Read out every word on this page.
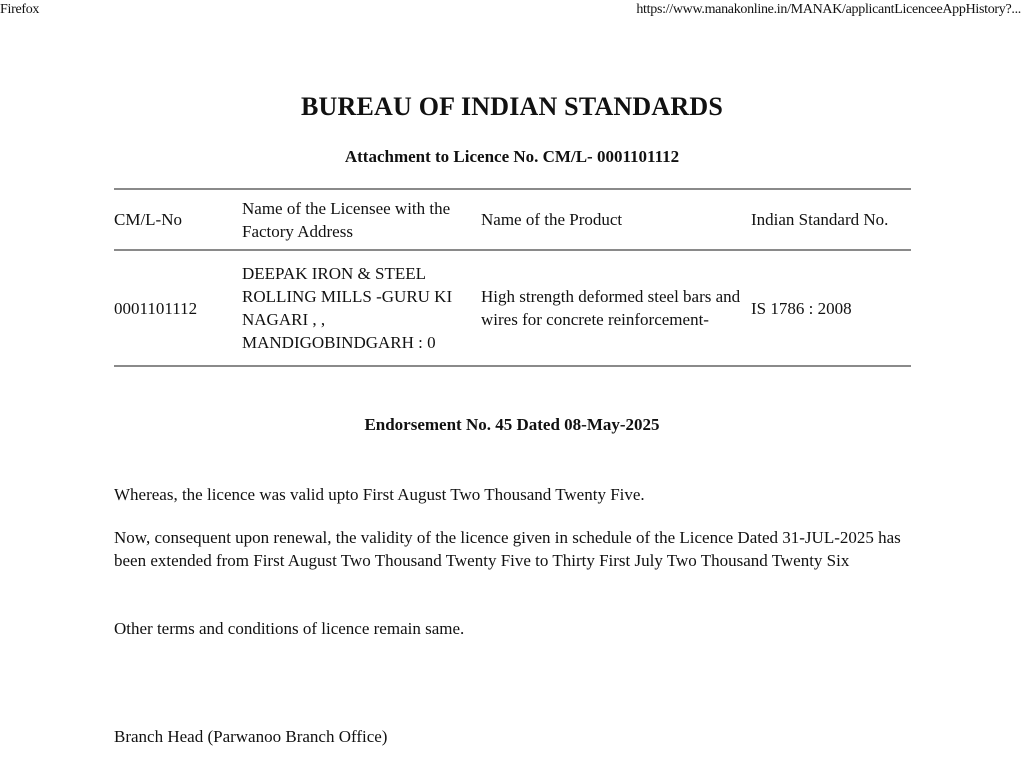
Firefox	https://www.manakonline.in/MANAK/applicantLicenceeAppHistory?...
BUREAU OF INDIAN STANDARDS
Attachment to Licence No. CM/L- 0001101112
CM/L-No	Name of the Licensee with the Factory Address	Name of the Product	Indian Standard No.
0001101112	DEEPAK IRON & STEEL ROLLING MILLS -GURU KI NAGARI , , MANDIGOBINDGARH : 0	High strength deformed steel bars and wires for concrete reinforcement-	IS 1786 : 2008
Endorsement No. 45 Dated 08-May-2025
Whereas, the licence was valid upto First August Two Thousand Twenty Five.
Now, consequent upon renewal, the validity of the licence given in schedule of the Licence Dated 31-JUL-2025 has been extended from First August Two Thousand Twenty Five to Thirty First July Two Thousand Twenty Six
Other terms and conditions of licence remain same.
Branch Head (Parwanoo Branch Office)
